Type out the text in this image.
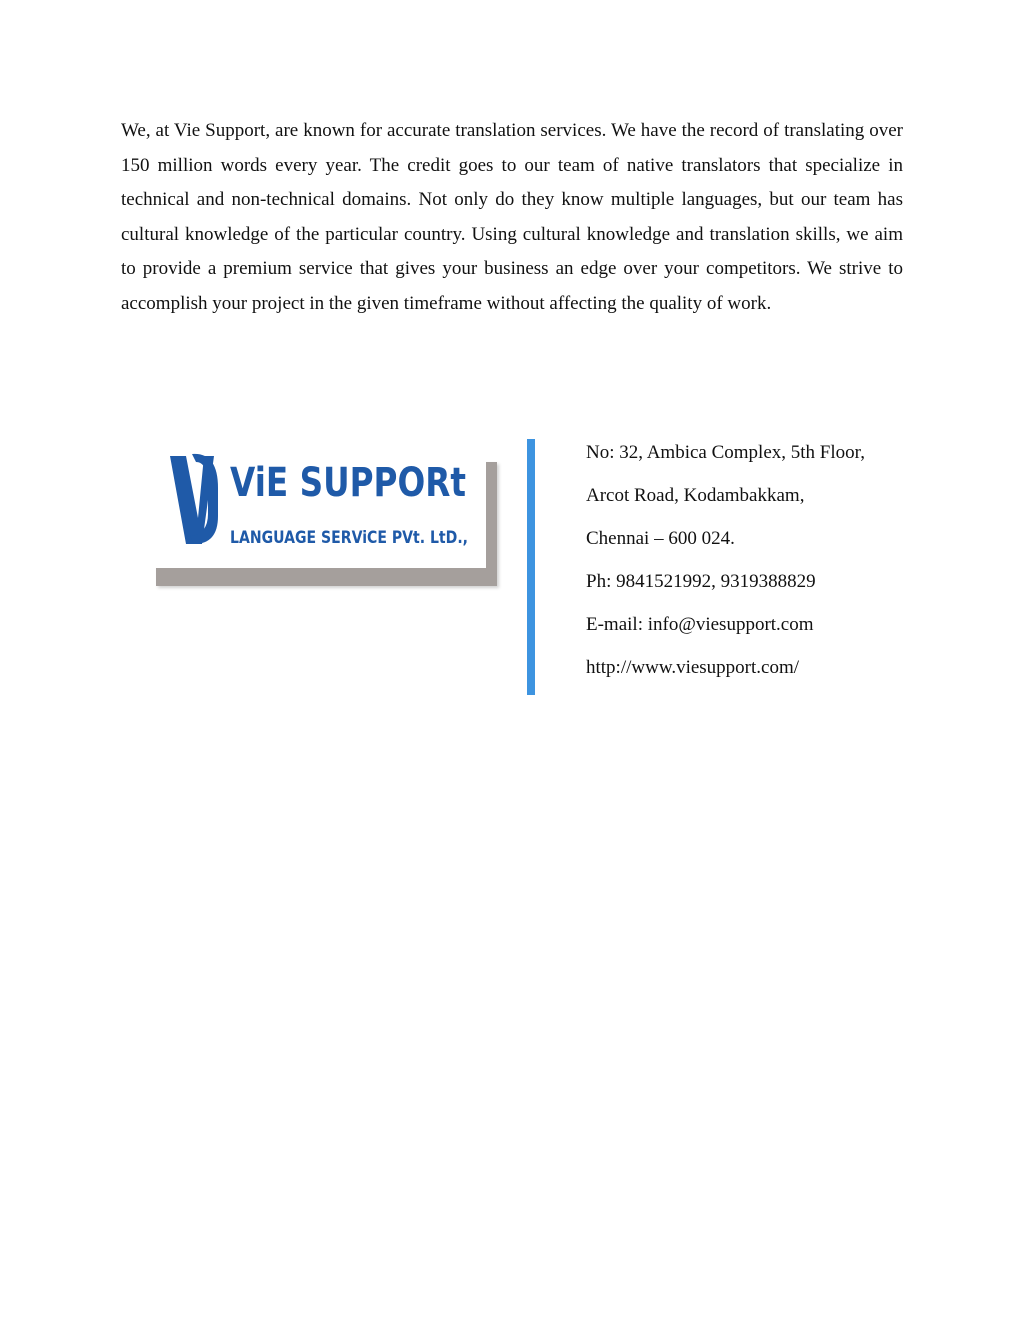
We, at Vie Support, are known for accurate translation services. We have the record of translating over 150 million words every year. The credit goes to our team of native translators that specialize in technical and non-technical domains. Not only do they know multiple languages, but our team has cultural knowledge of the particular country. Using cultural knowledge and translation skills, we aim to provide a premium service that gives your business an edge over your competitors. We strive to accomplish your project in the given timeframe without affecting the quality of work.

ViE SUPPORt
LANGUAGE SERViCE PVt. LtD.,
No: 32, Ambica Complex, 5th Floor,
Arcot Road, Kodambakkam,
Chennai – 600 024.
Ph: 9841521992, 9319388829
E-mail: info@viesupport.com
http://www.viesupport.com/
